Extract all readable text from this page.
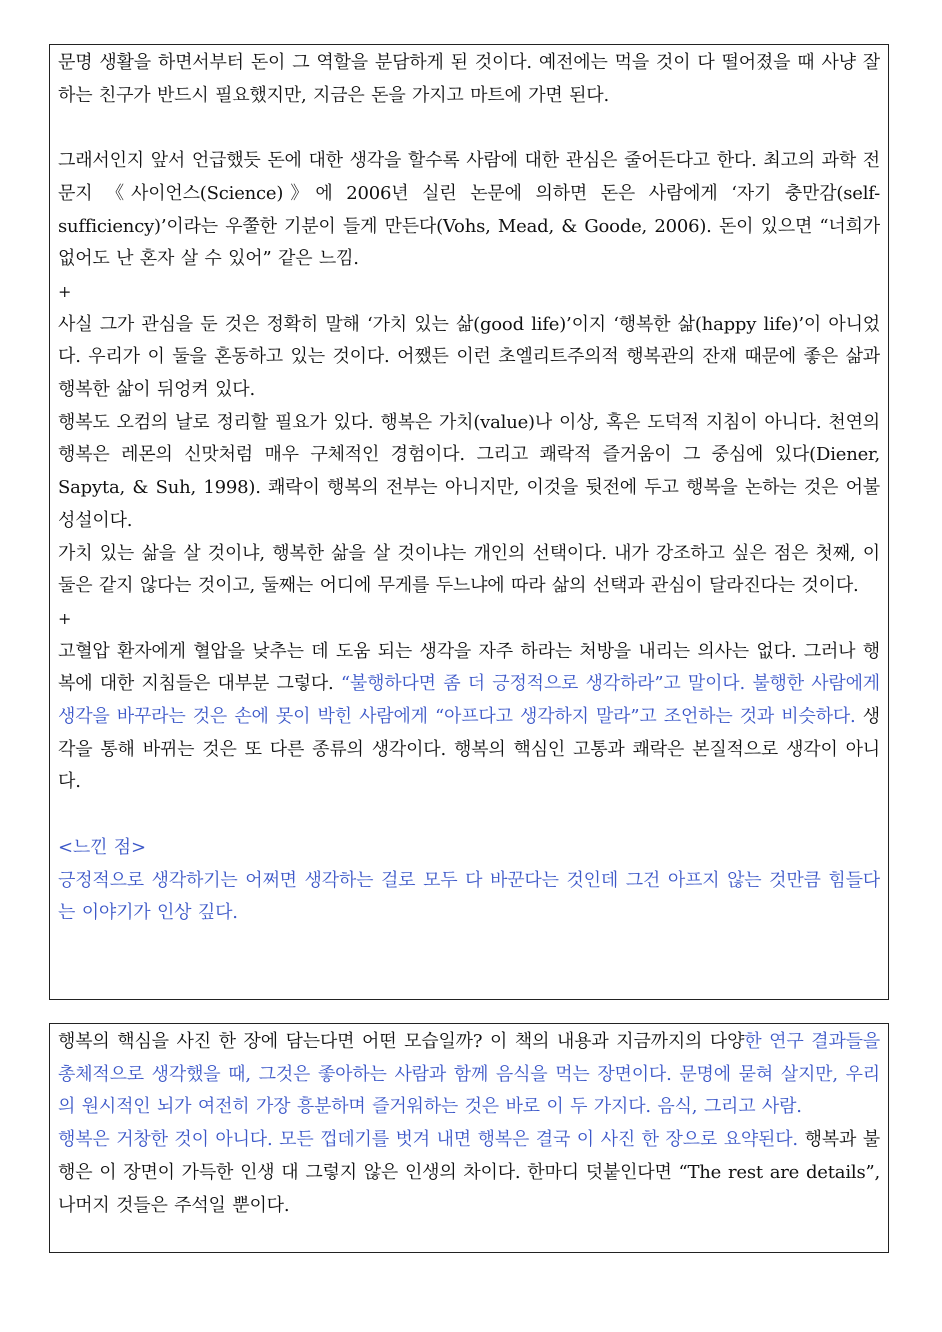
문명 생활을 하면서부터 돈이 그 역할을 분담하게 된 것이다. 예전에는 먹을 것이 다 떨어졌을 때 사냥 잘하는 친구가 반드시 필요했지만, 지금은 돈을 가지고 마트에 가면 된다.

그래서인지 앞서 언급했듯 돈에 대한 생각을 할수록 사람에 대한 관심은 줄어든다고 한다. 최고의 과학 전문지 《사이언스(Science)》에 2006년 실린 논문에 의하면 돈은 사람에게 ‘자기 충만감(self-sufficiency)’이라는 우쭐한 기분이 들게 만든다(Vohs, Mead, & Goode, 2006). 돈이 있으면 “너희가 없어도 난 혼자 살 수 있어” 같은 느낌.

+

사실 그가 관심을 둔 것은 정확히 말해 ‘가치 있는 삶(good life)’이지 ‘행복한 삶(happy life)’이 아니었다. 우리가 이 둘을 혼동하고 있는 것이다. 어쨌든 이런 초엘리트주의적 행복관의 잔재 때문에 좋은 삶과 행복한 삶이 뒤엉켜 있다.

행복도 오컴의 날로 정리할 필요가 있다. 행복은 가치(value)나 이상, 혹은 도덕적 지침이 아니다. 천연의 행복은 레몬의 신맛처럼 매우 구체적인 경험이다. 그리고 쾌락적 즐거움이 그 중심에 있다(Diener, Sapyta, & Suh, 1998). 쾌락이 행복의 전부는 아니지만, 이것을 뒷전에 두고 행복을 논하는 것은 어불성설이다.

가치 있는 삶을 살 것이냐, 행복한 삶을 살 것이냐는 개인의 선택이다. 내가 강조하고 싶은 점은 첫째, 이 둘은 같지 않다는 것이고, 둘째는 어디에 무게를 두느냐에 따라 삶의 선택과 관심이 달라진다는 것이다.

+

고혈압 환자에게 혈압을 낮추는 데 도움 되는 생각을 자주 하라는 처방을 내리는 의사는 없다. 그러나 행복에 대한 지침들은 대부분 그렇다. “불행하다면 좀 더 긍정적으로 생각하라”고 말이다. 불행한 사람에게 생각을 바꾸라는 것은 손에 못이 박힌 사람에게 “아프다고 생각하지 말라”고 조언하는 것과 비슷하다. 생각을 통해 바뀌는 것은 또 다른 종류의 생각이다. 행복의 핵심인 고통과 쾌락은 본질적으로 생각이 아니다.

<느낀 점>

긍정적으로 생각하기는 어쩌면 생각하는 걸로 모두 다 바꾼다는 것인데 그건 아프지 않는 것만큼 힘들다는 이야기가 인상 깊다.

행복의 핵심을 사진 한 장에 담는다면 어떤 모습일까? 이 책의 내용과 지금까지의 다양한 연구 결과들을 총체적으로 생각했을 때, 그것은 좋아하는 사람과 함께 음식을 먹는 장면이다. 문명에 묻혀 살지만, 우리의 원시적인 뇌가 여전히 가장 흥분하며 즐거워하는 것은 바로 이 두 가지다. 음식, 그리고 사람.

행복은 거창한 것이 아니다. 모든 껍데기를 벗겨 내면 행복은 결국 이 사진 한 장으로 요약된다. 행복과 불행은 이 장면이 가득한 인생 대 그렇지 않은 인생의 차이다. 한마디 덧붙인다면 “The rest are details”, 나머지 것들은 주석일 뿐이다.
